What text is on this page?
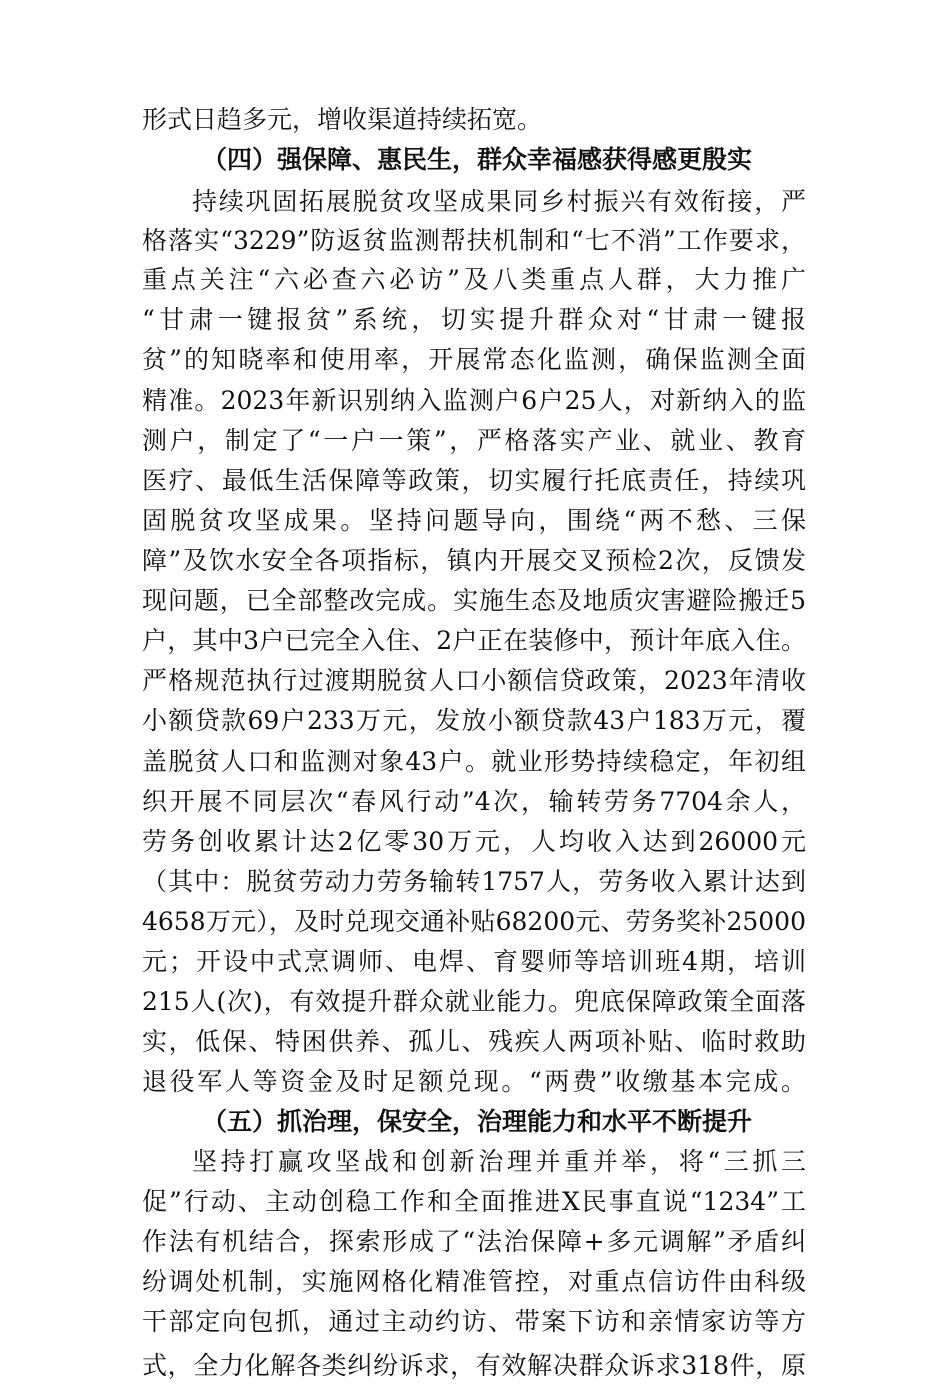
形式日趋多元，增收渠道持续拓宽。
（四）强保障、惠民生，群众幸福感获得感更殷实
持续巩固拓展脱贫攻坚成果同乡村振兴有效衔接，严
格落实“3229”防返贫监测帮扶机制和“七不消”工作要求，
重点关注“六必查六必访”及八类重点人群，大力推广
“甘肃一键报贫”系统，切实提升群众对“甘肃一键报
贫”的知晓率和使用率，开展常态化监测，确保监测全面
精准。2023年新识别纳入监测户6户25人，对新纳入的监
测户，制定了“一户一策”，严格落实产业、就业、教育
医疗、最低生活保障等政策，切实履行托底责任，持续巩
固脱贫攻坚成果。坚持问题导向，围绕“两不愁、三保
障”及饮水安全各项指标，镇内开展交叉预检2次，反馈发
现问题，已全部整改完成。实施生态及地质灾害避险搬迁5
户，其中3户已完全入住、2户正在装修中，预计年底入住。
严格规范执行过渡期脱贫人口小额信贷政策，2023年清收
小额贷款69户233万元，发放小额贷款43户183万元，覆
盖脱贫人口和监测对象43户。就业形势持续稳定，年初组
织开展不同层次“春风行动”4次，输转劳务7704余人，
劳务创收累计达2亿零30万元，人均收入达到26000元
（其中：脱贫劳动力劳务输转1757人，劳务收入累计达到
4658万元），及时兑现交通补贴68200元、劳务奖补25000
元；开设中式烹调师、电焊、育婴师等培训班4期，培训
215人(次)，有效提升群众就业能力。兜底保障政策全面落
实，低保、特困供养、孤儿、残疾人两项补贴、临时救助
退役军人等资金及时足额兑现。“两费”收缴基本完成。
（五）抓治理，保安全，治理能力和水平不断提升
坚持打赢攻坚战和创新治理并重并举，将“三抓三
促”行动、主动创稳工作和全面推进X民事直说“1234”工
作法有机结合，探索形成了“法治保障+多元调解”矛盾纠
纷调处机制，实施网格化精准管控，对重点信访件由科级
干部定向包抓，通过主动约访、带案下访和亲情家访等方
式，全力化解各类纠纷诉求，有效解决群众诉求318件，原
